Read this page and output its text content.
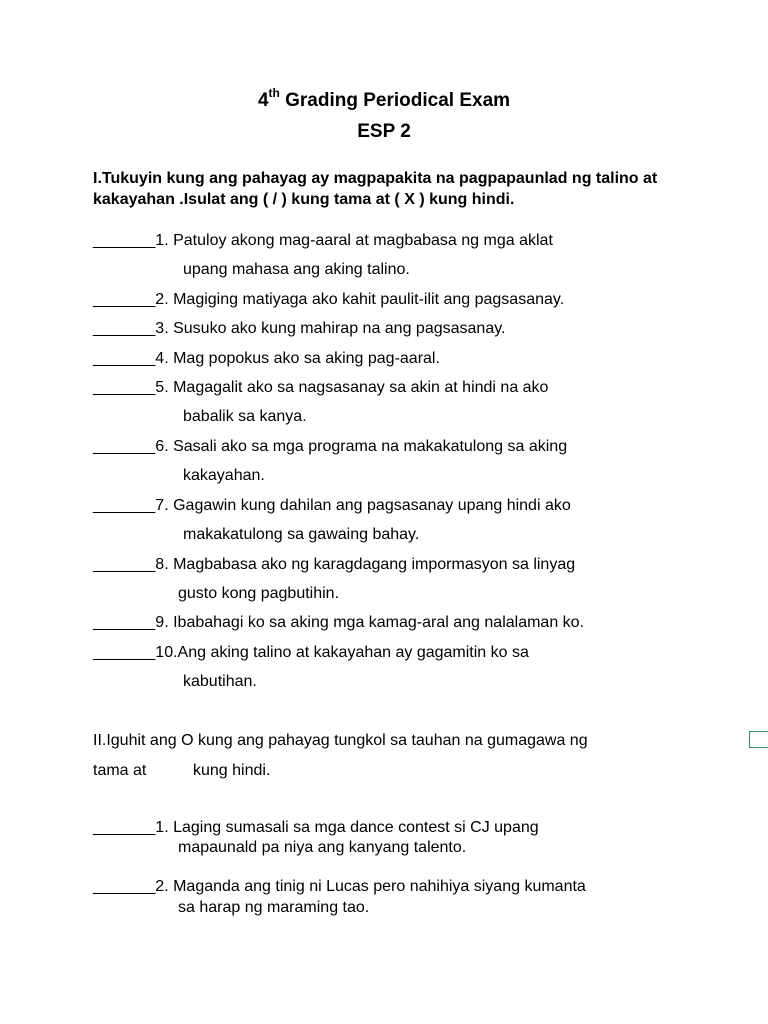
4th Grading Periodical Exam
ESP 2
I.Tukuyin kung ang pahayag ay magpapakita na pagpapaunlad ng talino at kakayahan .Isulat ang ( / ) kung tama at ( X ) kung hindi.
_______1. Patuloy akong mag-aaral at magbabasa ng mga aklat
upang mahasa ang aking talino.
_______2. Magiging matiyaga ako kahit paulit-ilit ang pagsasanay.
_______3. Susuko ako kung mahirap na ang pagsasanay.
_______4. Mag popokus ako sa aking pag-aaral.
_______5. Magagalit ako sa nagsasanay sa akin at hindi na ako
babalik sa kanya.
_______6. Sasali ako sa mga programa na makakatulong sa aking
kakayahan.
_______7. Gagawin kung dahilan ang pagsasanay upang hindi ako
makakatulong sa gawaing bahay.
_______8. Magbabasa ako ng karagdagang impormasyon sa linyag
gusto kong pagbutihin.
_______9. Ibabahagi ko sa aking mga kamag-aral ang nalalaman ko.
_______10.Ang aking talino at kakayahan ay gagamitin ko sa
kabutihan.
II.Iguhit ang O kung ang pahayag tungkol sa tauhan na gumagawa ng
tama at	kung hindi.
_______1. Laging sumasali sa mga dance contest si CJ upang
mapaunald pa niya ang kanyang talento.
_______2. Maganda ang tinig ni Lucas pero nahihiya siyang kumanta
sa harap ng maraming tao.
